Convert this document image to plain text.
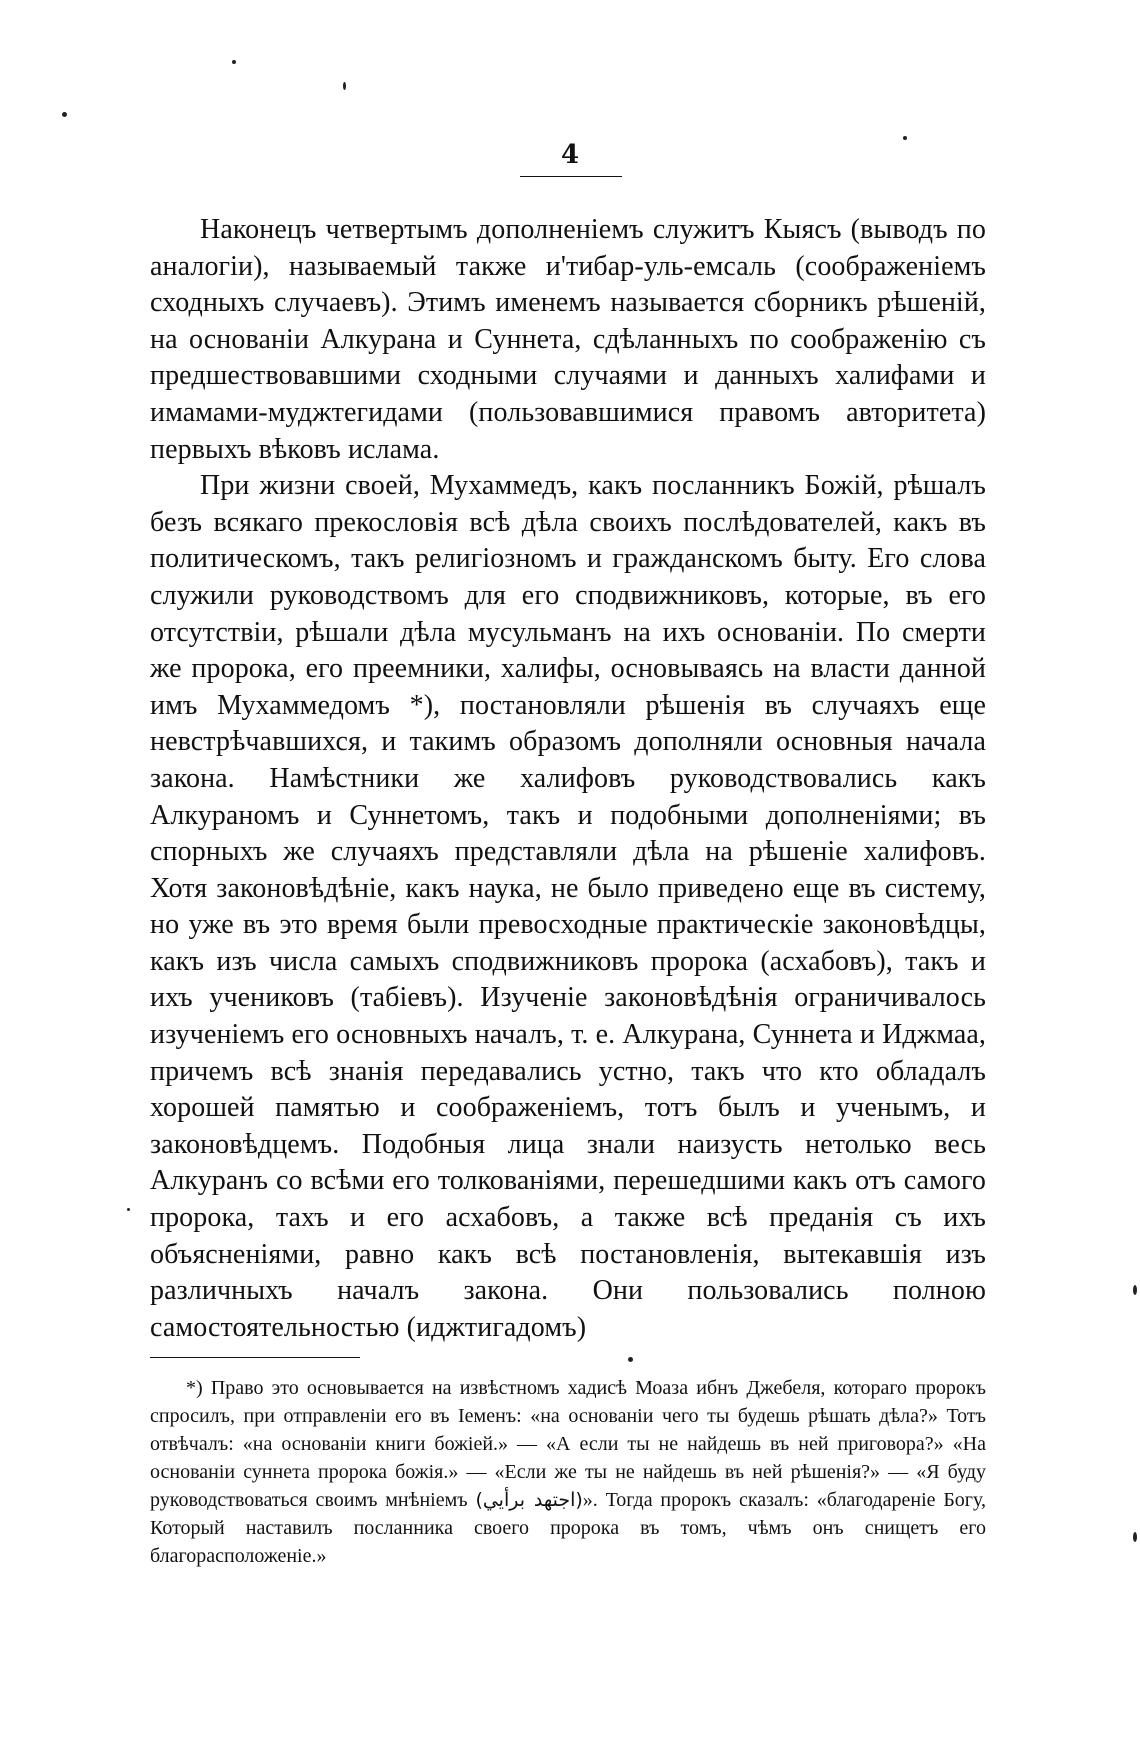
4

Наконецъ четвертымъ дополненіемъ служитъ Кыясъ (выводъ по аналогіи), называемый также и'тибар-уль-емсаль (соображеніемъ сходныхъ случаевъ). Этимъ именемъ называется сборникъ рѣшеній, на основаніи Алкурана и Суннета, сдѣланныхъ по соображенію съ предшествовавшими сходными случаями и данныхъ халифами и имамами-муджтегидами (пользовавшимися правомъ авторитета) первыхъ вѣковъ ислама.

При жизни своей, Мухаммедъ, какъ посланникъ Божій, рѣшалъ безъ всякаго прекословія всѣ дѣла своихъ послѣдователей, какъ въ политическомъ, такъ религіозномъ и гражданскомъ быту. Его слова служили руководствомъ для его сподвижниковъ, которые, въ его отсутствіи, рѣшали дѣла мусульманъ на ихъ основаніи. По смерти же пророка, его преемники, халифы, основываясь на власти данной имъ Мухаммедомъ *), постановляли рѣшенія въ случаяхъ еще невстрѣчавшихся, и такимъ образомъ дополняли основныя начала закона. Намѣстники же халифовъ руководствовались какъ Алкураномъ и Суннетомъ, такъ и подобными дополненіями; въ спорныхъ же случаяхъ представляли дѣла на рѣшеніе халифовъ. Хотя законовѣдѣніе, какъ наука, не было приведено еще въ систему, но уже въ это время были превосходные практическіе законовѣдцы, какъ изъ числа самыхъ сподвижниковъ пророка (асхабовъ), такъ и ихъ учениковъ (табіевъ). Изученіе законовѣдѣнія ограничивалось изученіемъ его основныхъ началъ, т. е. Алкурана, Суннета и Иджмаа, причемъ всѣ знанія передавались устно, такъ что кто обладалъ хорошей памятью и соображеніемъ, тотъ былъ и ученымъ, и законовѣдцемъ. Подобныя лица знали наизусть нетолько весь Алкуранъ со всѣми его толкованіями, перешедшими какъ отъ самого пророка, тахъ и его асхабовъ, а также всѣ преданія съ ихъ объясненіями, равно какъ всѣ постановленія, вытекавшія изъ различныхъ началъ закона. Они пользовались полною самостоятельностью (иджтигадомъ)

*) Право это основывается на извѣстномъ хадисѣ Моаза ибнъ Джебеля, котораго пророкъ спросилъ, при отправленіи его въ Іеменъ: «на основаніи чего ты будешь рѣшать дѣла?» Тотъ отвѣчалъ: «на основаніи книги божіей.» — «А если ты не найдешь въ ней приговора?» «На основаніи суннета пророка божія.» — «Если же ты не найдешь въ ней рѣшенія?» — «Я буду руководствоваться своимъ мнѣніемъ (اجتهد برأيي)». Тогда пророкъ сказалъ: «благодареніе Богу, Который наставилъ посланника своего пророка въ томъ, чѣмъ онъ снищетъ его благорасположеніе.»
